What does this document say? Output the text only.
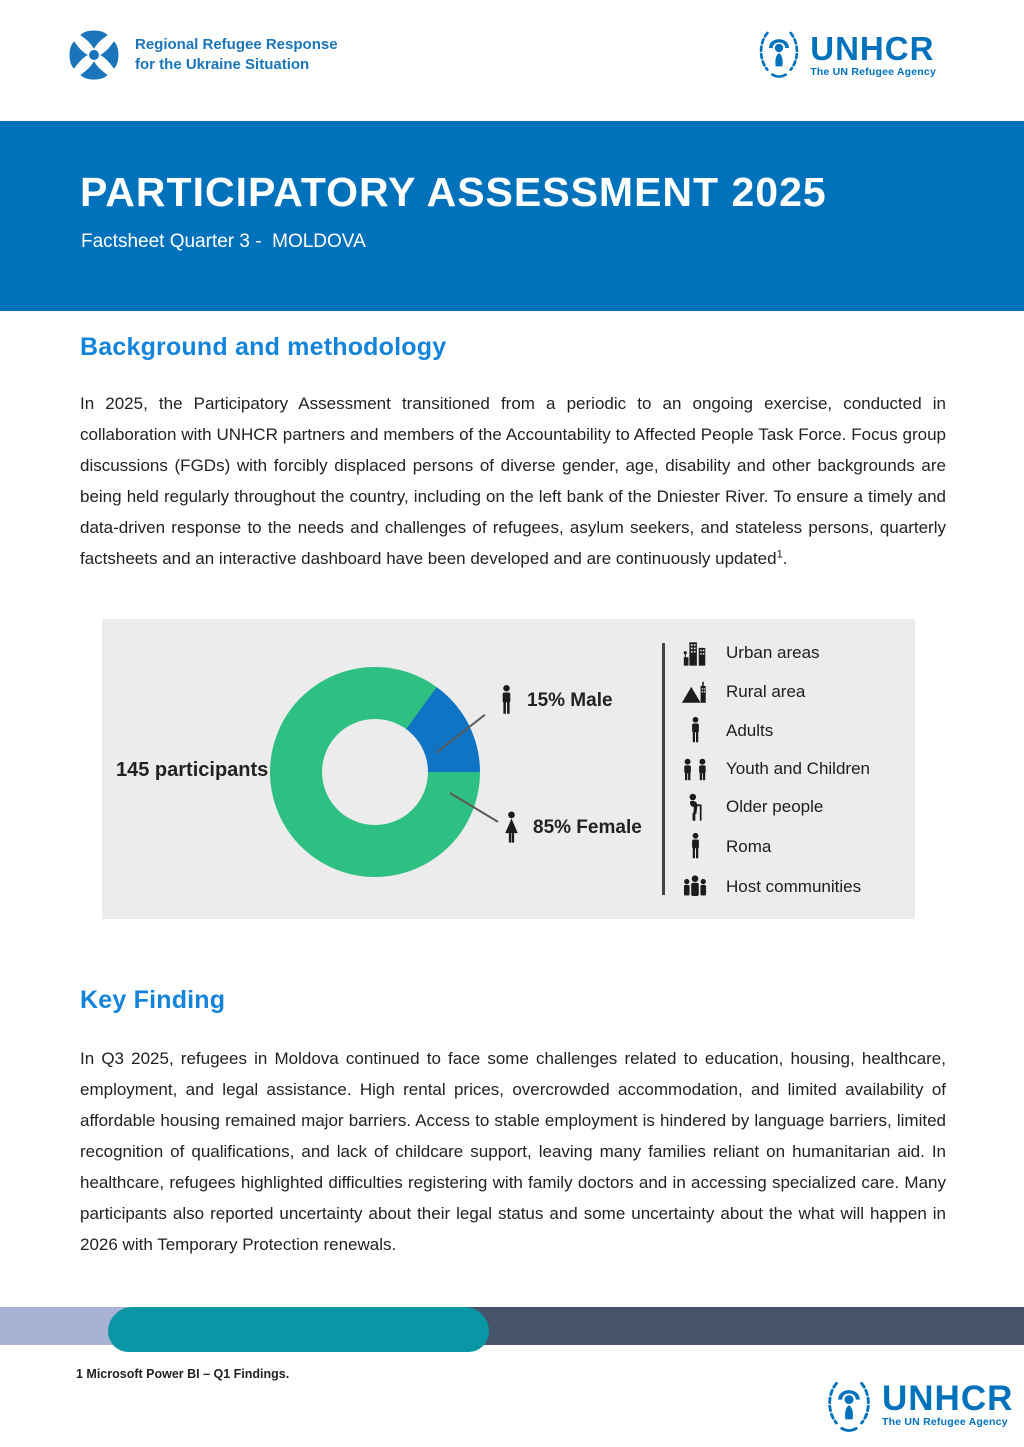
Regional Refugee Response
for the Ukraine Situation	UNHCR
The UN Refugee Agency
PARTICIPATORY ASSESSMENT 2025
Factsheet Quarter 3 -  MOLDOVA
Background and methodology

In 2025, the Participatory Assessment transitioned from a periodic to an ongoing exercise, conducted in collaboration with UNHCR partners and members of the Accountability to Affected People Task Force. Focus group discussions (FGDs) with forcibly displaced persons of diverse gender, age, disability and other backgrounds are being held regularly throughout the country, including on the left bank of the Dniester River. To ensure a timely and data-driven response to the needs and challenges of refugees, asylum seekers, and stateless persons, quarterly factsheets and an interactive dashboard have been developed and are continuously updated$^1$.

145 participants
15% Male
85% Female
Urban areas
Rural area
Adults
Youth and Children
Older people
Roma
Host communities
Key Finding

In Q3 2025, refugees in Moldova continued to face some challenges related to education, housing, healthcare, employment, and legal assistance. High rental prices, overcrowded accommodation, and limited availability of affordable housing remained major barriers. Access to stable employment is hindered by language barriers, limited recognition of qualifications, and lack of childcare support, leaving many families reliant on humanitarian aid. In healthcare, refugees highlighted difficulties registering with family doctors and in accessing specialized care. Many participants also reported uncertainty about their legal status and some uncertainty about the what will happen in 2026 with Temporary Protection renewals.

1 Microsoft Power BI – Q1 Findings.
UNHCR
The UN Refugee Agency
